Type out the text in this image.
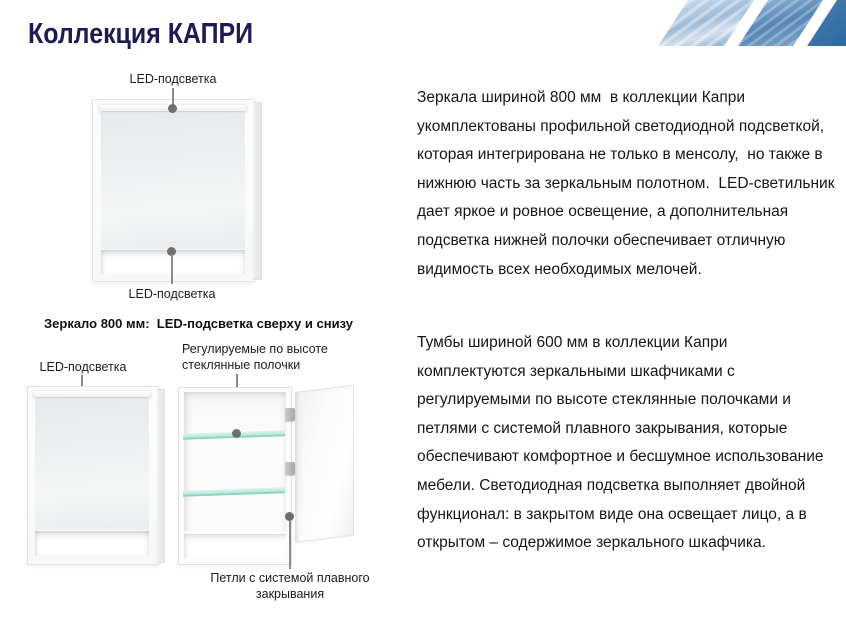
Коллекция КАПРИ
LED-подсветка
LED-подсветка
Зеркало 800 мм:  LED-подсветка сверху и снизу
LED-подсветка
Регулируемые по высоте стеклянные полочки
Петли с системой плавного закрывания
Зеркала шириной 800 мм  в коллекции Капри укомплектованы профильной светодиодной подсветкой, которая интегрирована не только в менсолу,  но также в нижнюю часть за зеркальным полотном.  LED-светильник дает яркое и ровное освещение, а дополнительная подсветка нижней полочки обеспечивает отличную видимость всех необходимых мелочей.
Тумбы шириной 600 мм в коллекции Капри комплектуются зеркальными шкафчиками с регулируемыми по высоте стеклянные полочками и петлями с системой плавного закрывания, которые обеспечивают комфортное и бесшумное использование мебели. Светодиодная подсветка выполняет двойной функционал: в закрытом виде она освещает лицо, а в открытом – содержимое зеркального шкафчика.
